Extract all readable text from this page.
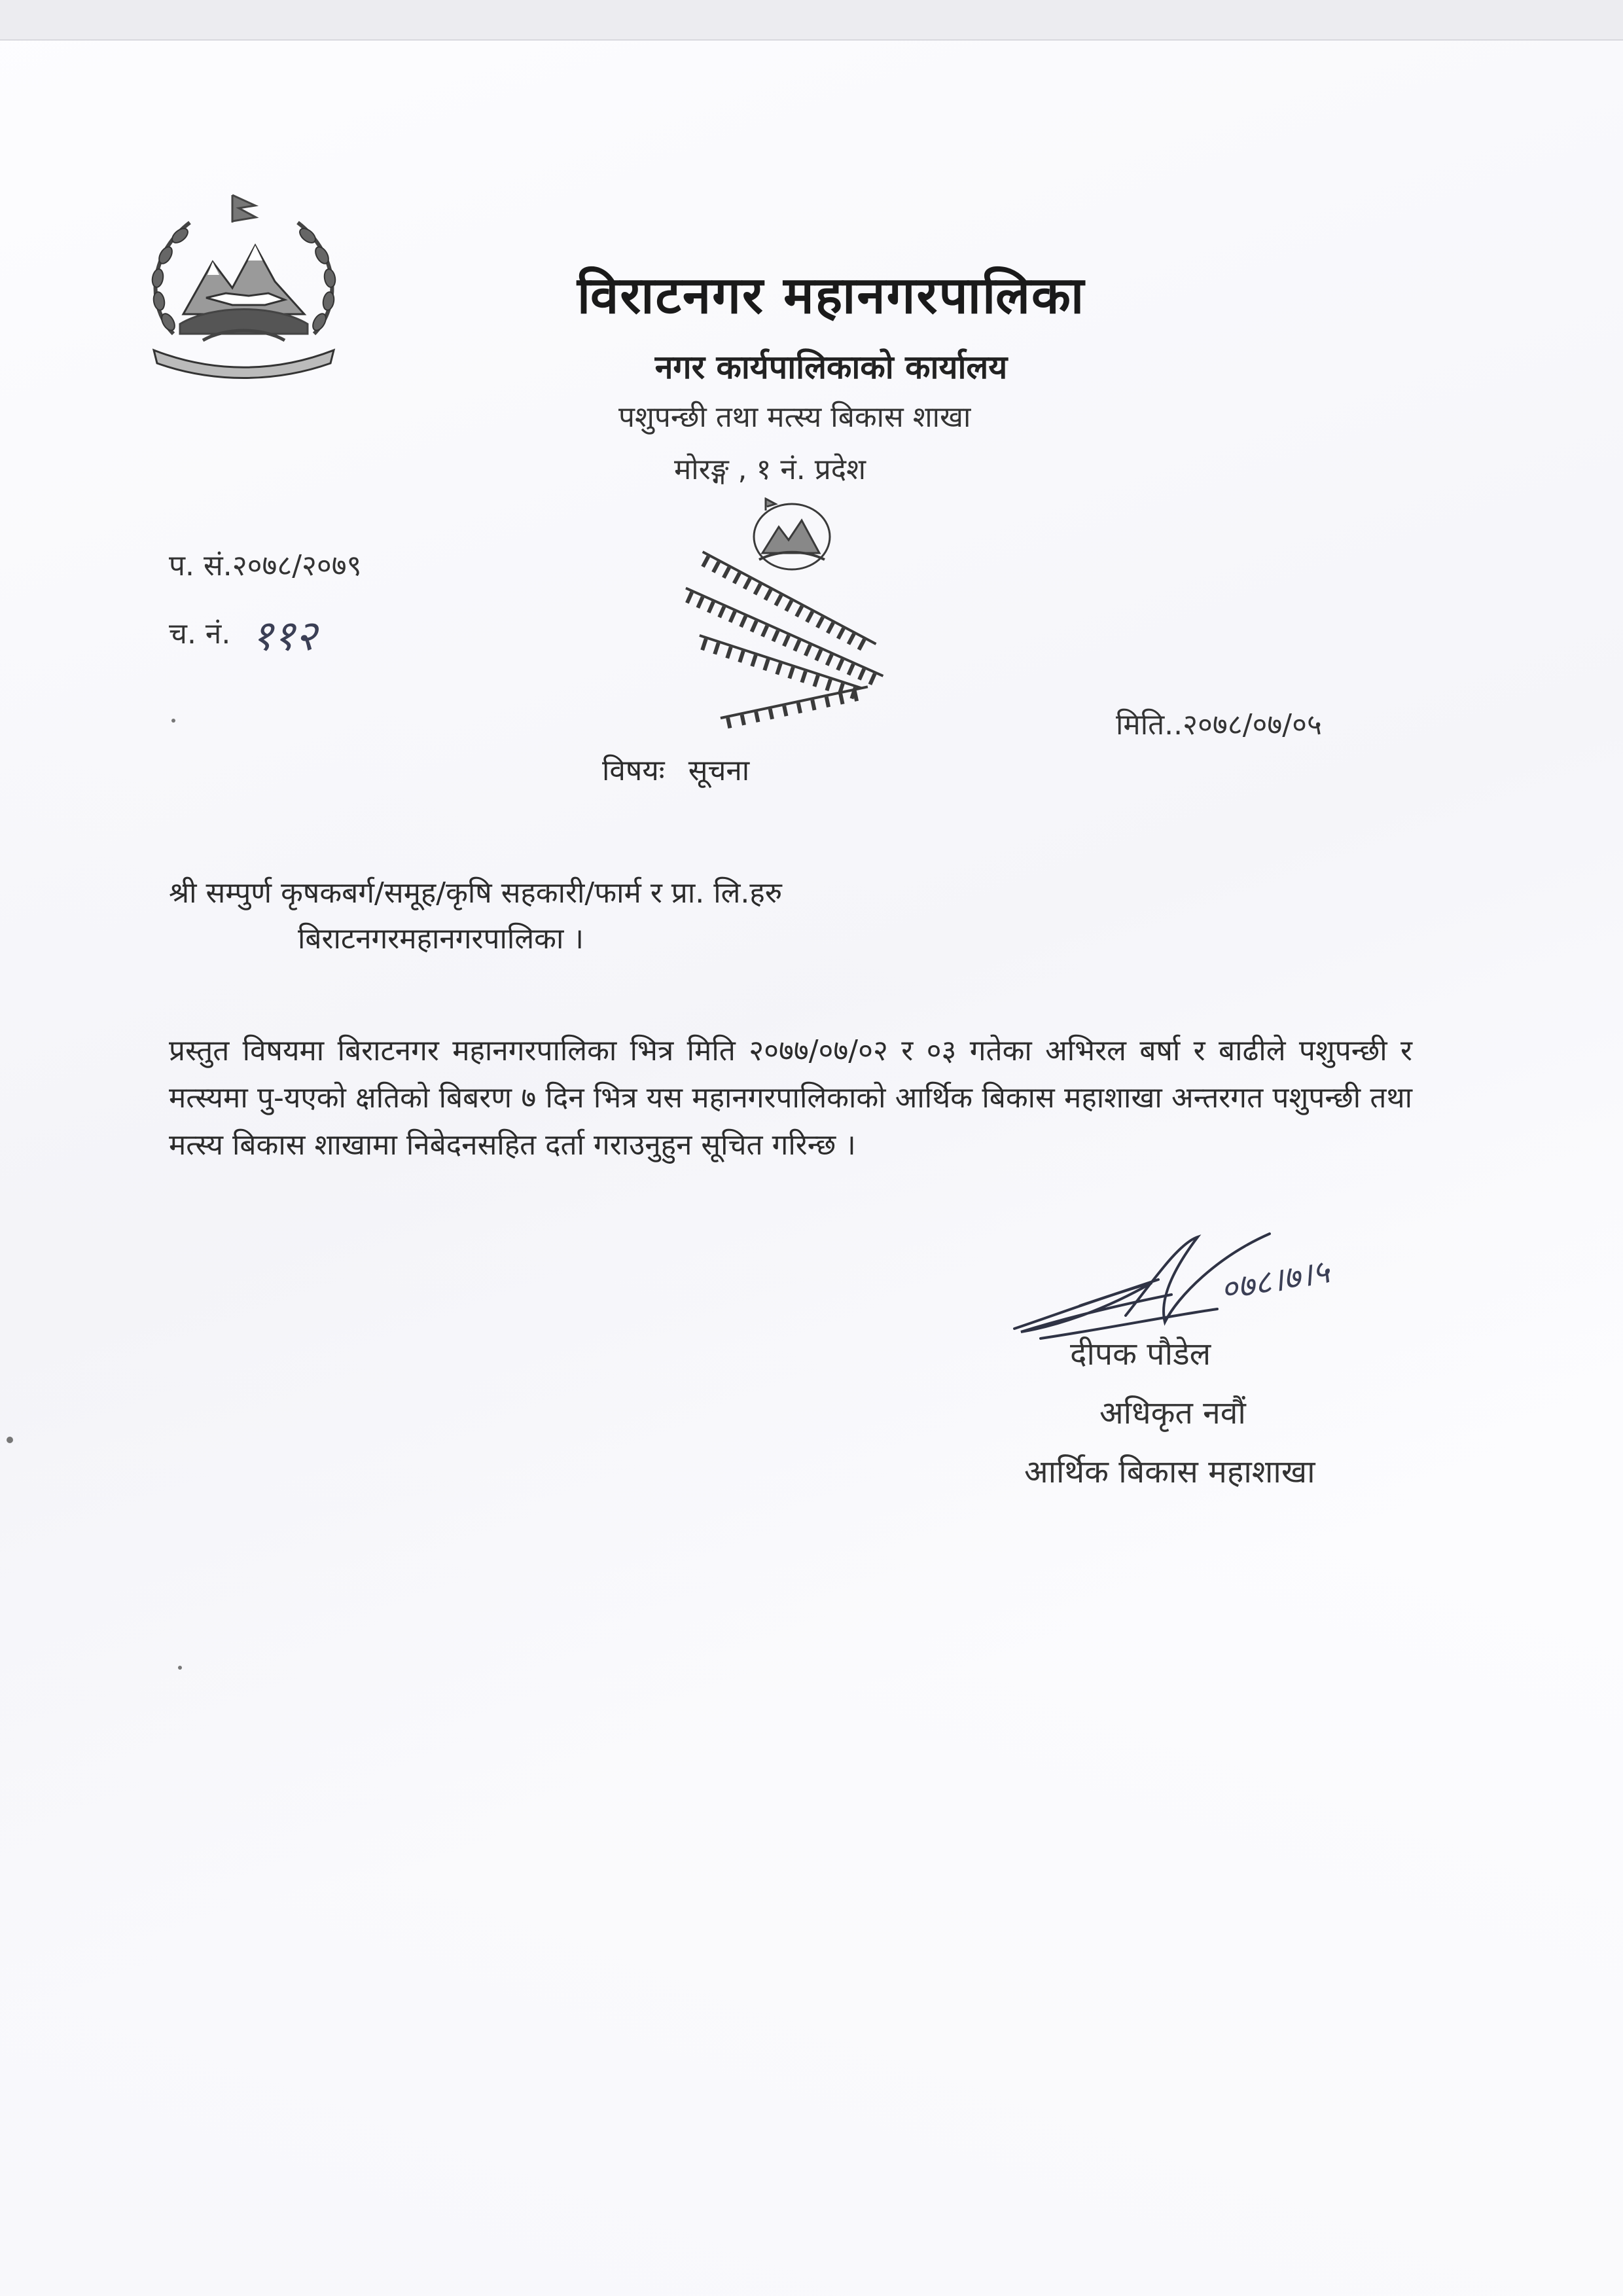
विराटनगर महानगरपालिका
नगर कार्यपालिकाको कार्यालय
पशुपन्छी तथा मत्स्य बिकास शाखा
मोरङ्ग , १ नं. प्रदेश
प. सं.२०७८/२०७९
च. नं. ११२
मिति..२०७८/०७/०५
विषयः सूचना
श्री सम्पुर्ण कृषकबर्ग/समूह/कृषि सहकारी/फार्म र प्रा. लि.हरु
बिराटनगरमहानगरपालिका ।
प्रस्तुत विषयमा बिराटनगर महानगरपालिका भित्र मिति २०७७/०७/०२ र ०३ गतेका अभिरल बर्षा र बाढीले पशुपन्छी र मत्स्यमा पु-यएको क्षतिको बिबरण ७ दिन भित्र यस महानगरपालिकाको आर्थिक बिकास महाशाखा अन्तरगत पशुपन्छी तथा मत्स्य बिकास शाखामा निबेदनसहित दर्ता गराउनुहुन सूचित गरिन्छ ।
०७८।७।५
दीपक पौडेल
अधिकृत नवौं
आर्थिक बिकास महाशाखा
